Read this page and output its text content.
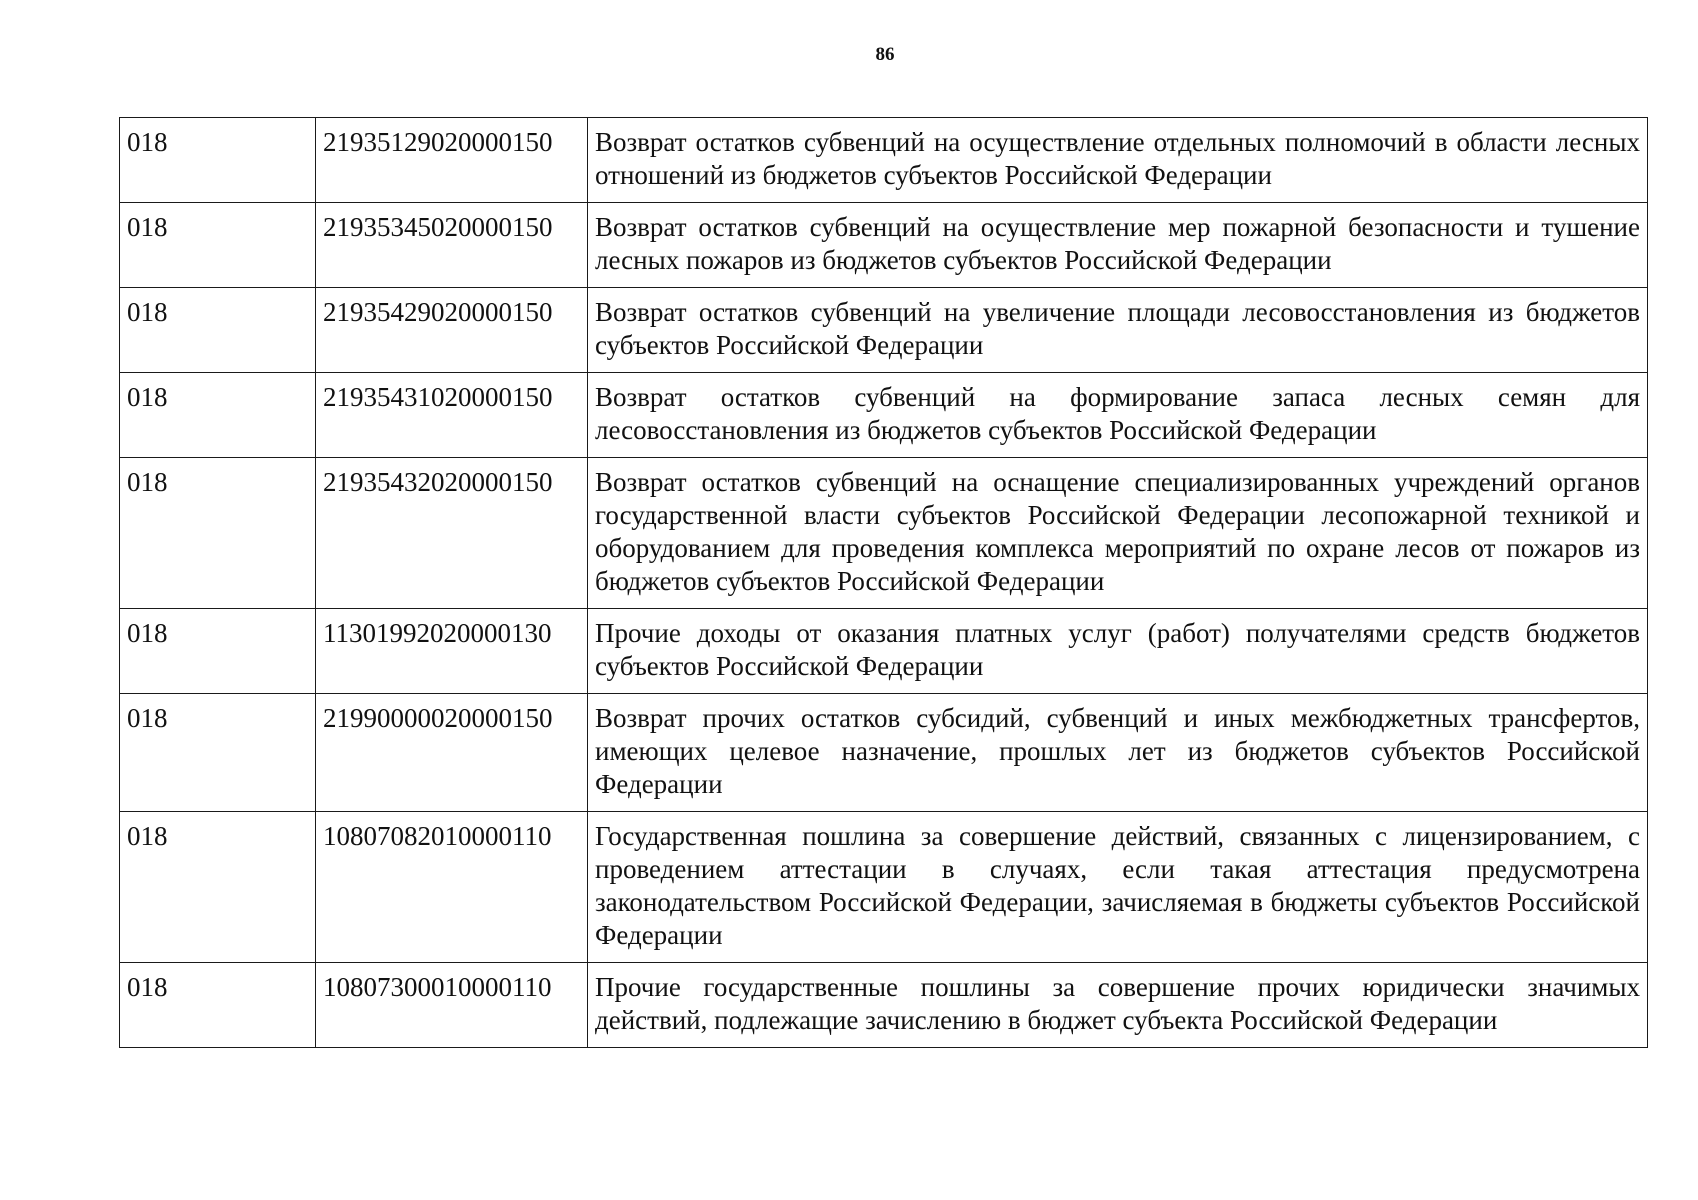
86
018	21935129020000150	Возврат остатков субвенций на осуществление отдельных полномочий в области лесных отношений из бюджетов субъектов Российской Федерации
018	21935345020000150	Возврат остатков субвенций на осуществление мер пожарной безопасности и тушение лесных пожаров из бюджетов субъектов Российской Федерации
018	21935429020000150	Возврат остатков субвенций на увеличение площади лесовосстановления из бюджетов субъектов Российской Федерации
018	21935431020000150	Возврат остатков субвенций на формирование запаса лесных семян для лесовосстановления из бюджетов субъектов Российской Федерации
018	21935432020000150	Возврат остатков субвенций на оснащение специализированных учреждений органов государственной власти субъектов Российской Федерации лесопожарной техникой и оборудованием для проведения комплекса мероприятий по охране лесов от пожаров из бюджетов субъектов Российской Федерации
018	11301992020000130	Прочие доходы от оказания платных услуг (работ) получателями средств бюджетов субъектов Российской Федерации
018	21990000020000150	Возврат прочих остатков субсидий, субвенций и иных межбюджетных трансфертов, имеющих целевое назначение, прошлых лет из бюджетов субъектов Российской Федерации
018	10807082010000110	Государственная пошлина за совершение действий, связанных с лицензированием, с проведением аттестации в случаях, если такая аттестация предусмотрена законодательством Российской Федерации, зачисляемая в бюджеты субъектов Российской Федерации
018	10807300010000110	Прочие государственные пошлины за совершение прочих юридически значимых действий, подлежащие зачислению в бюджет субъекта Российской Федерации
